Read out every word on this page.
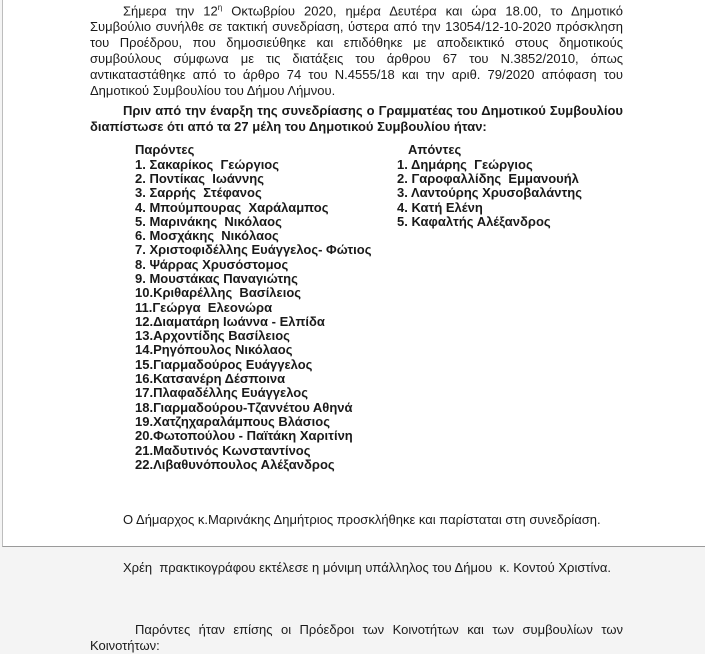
Σήμερα την $12^\eta$ Οκτωβρίου 2020, ημέρα Δευτέρα και ώρα 18.00, το Δημοτικό Συμβούλιο συνήλθε σε τακτική συνεδρίαση, ύστερα από την 13054/12-10-2020 πρόσκληση του Προέδρου, που δημοσιεύθηκε και επιδόθηκε με αποδεικτικό στους δημοτικούς συμβούλους σύμφωνα με τις διατάξεις του άρθρου 67 του Ν.3852/2010, όπως αντικαταστάθηκε από το άρθρο 74 του Ν.4555/18 και την αριθ. 79/2020 απόφαση του Δημοτικού Συμβουλίου του Δήμου Λήμνου.

Πριν από την έναρξη της συνεδρίασης ο Γραμματέας του Δημοτικού Συμβουλίου διαπίστωσε ότι από τα 27 μέλη του Δημοτικού Συμβουλίου ήταν:

Παρόντες
1. Σακαρίκος  Γεώργιος
2. Ποντίκας  Ιωάννης
3. Σαρρής  Στέφανος
4. Μπούμπουρας  Χαράλαμπος
5. Μαρινάκης  Νικόλαος
6. Μοσχάκης  Νικόλαος
7. Χριστοφιδέλλης Ευάγγελος- Φώτιος
8. Ψάρρας Χρυσόστομος
9. Μουστάκας Παναγιώτης
10.Κριθαρέλλης  Βασίλειος
11.Γεώργα  Ελεονώρα
12.Διαματάρη Ιωάννα - Ελπίδα
13.Αρχοντίδης Βασίλειος
14.Ρηγόπουλος Νικόλαος
15.Γιαρμαδούρος Ευάγγελος
16.Κατσανέρη Δέσποινα
17.Πλαφαδέλλης Ευάγγελος
18.Γιαρμαδούρου-Τζαννέτου Αθηνά
19.Χατζηχαραλάμπους Βλάσιος
20.Φωτοπούλου - Παϊτάκη Χαριτίνη
21.Μαδυτινός Κωνσταντίνος
22.Λιβαθυνόπουλος Αλέξανδρος
Απόντες
1. Δημάρης  Γεώργιος
2. Γαροφαλλίδης  Εμμανουήλ
3. Λαντούρης Χρυσοβαλάντης
4. Κατή Ελένη
5. Καφαλτής Αλέξανδρος

Ο Δήμαρχος κ.Μαρινάκης Δημήτριος προσκλήθηκε και παρίσταται στη συνεδρίαση.

Χρέη  πρακτικογράφου εκτέλεσε η μόνιμη υπάλληλος του Δήμου  κ. Κοντού Χριστίνα.

Παρόντες ήταν επίσης οι Πρόεδροι των Κοινοτήτων και των συμβουλίων των Κοινοτήτων:
